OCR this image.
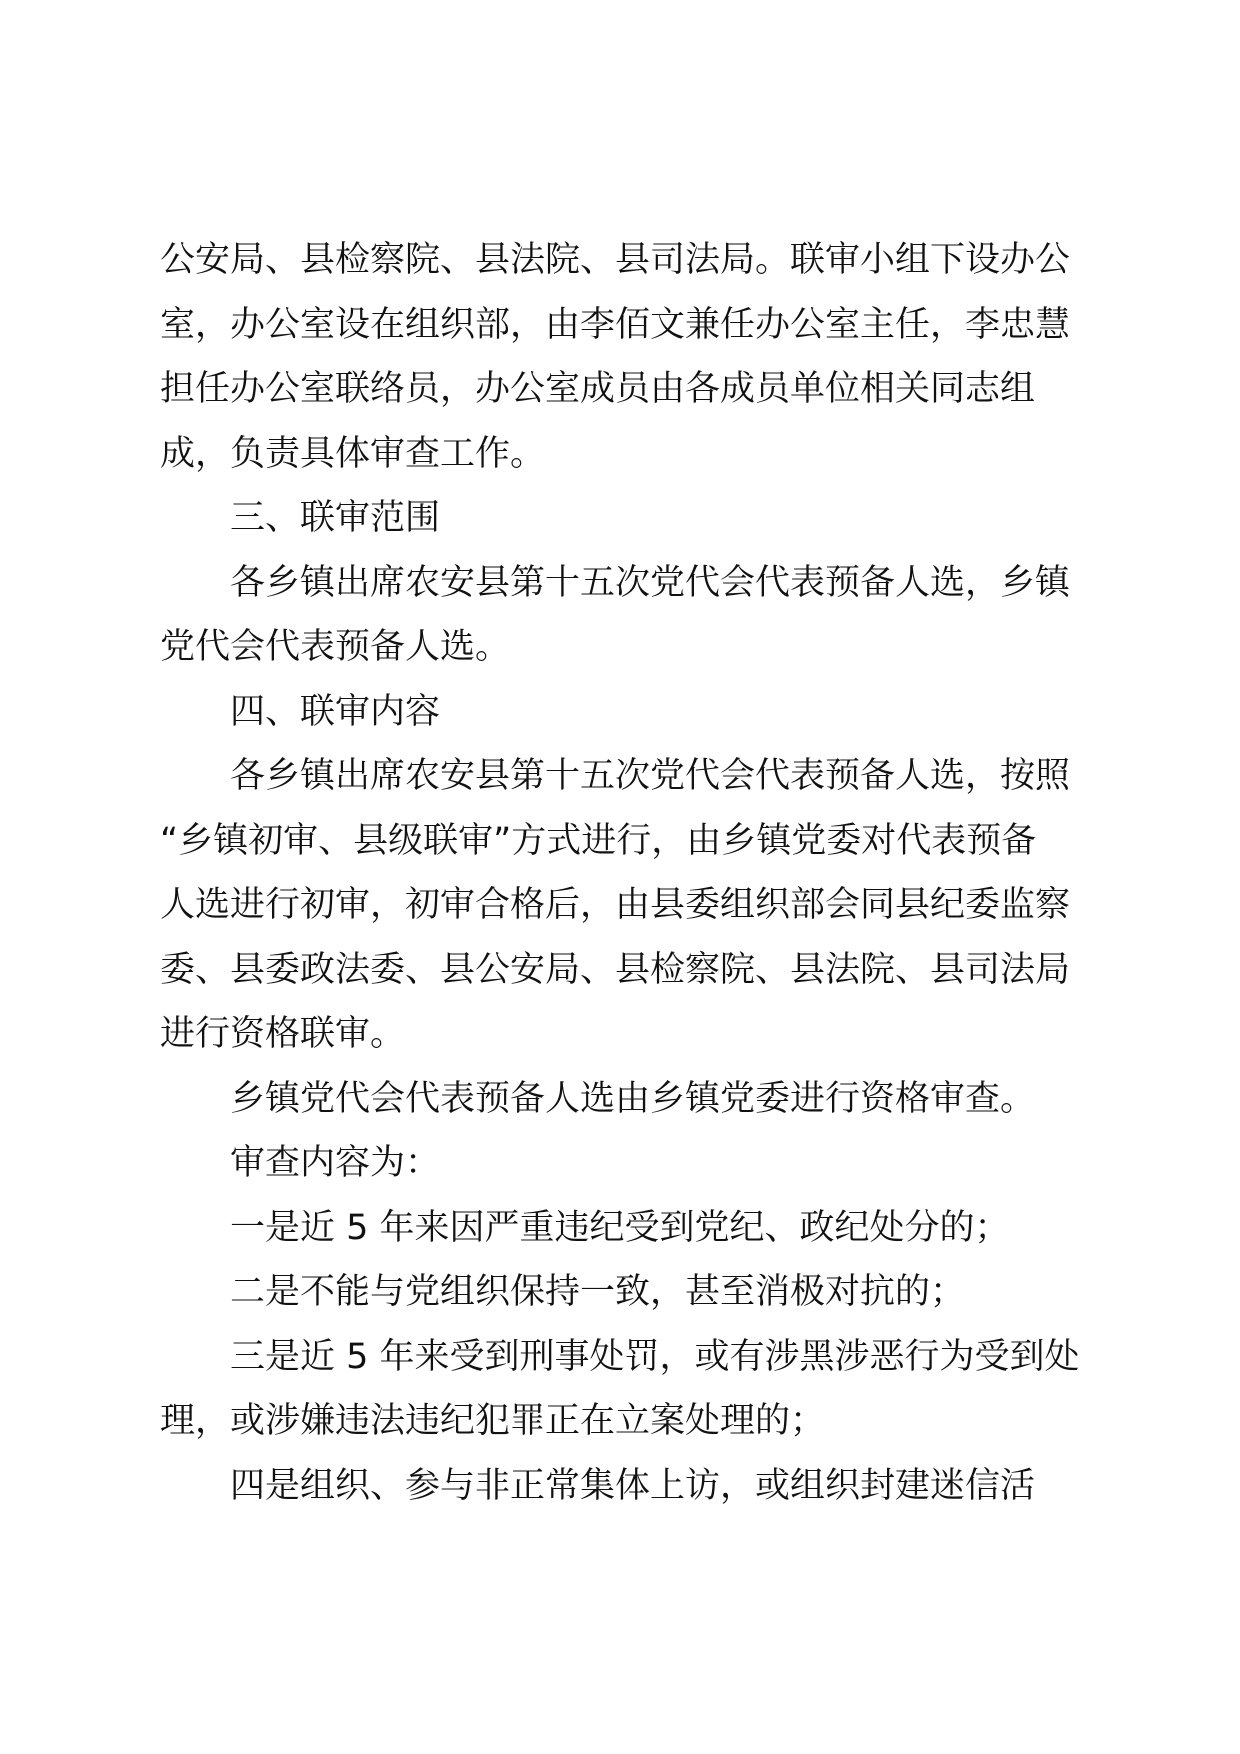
公安局、县检察院、县法院、县司法局。联审小组下设办公
室，办公室设在组织部，由李佰文兼任办公室主任，李忠慧
担任办公室联络员，办公室成员由各成员单位相关同志组
成，负责具体审查工作。
三、联审范围
各乡镇出席农安县第十五次党代会代表预备人选，乡镇
党代会代表预备人选。
四、联审内容
各乡镇出席农安县第十五次党代会代表预备人选，按照
“乡镇初审、县级联审”方式进行，由乡镇党委对代表预备
人选进行初审，初审合格后，由县委组织部会同县纪委监察
委、县委政法委、县公安局、县检察院、县法院、县司法局
进行资格联审。
乡镇党代会代表预备人选由乡镇党委进行资格审查。
审查内容为：
一是近 5 年来因严重违纪受到党纪、政纪处分的；
二是不能与党组织保持一致，甚至消极对抗的；
三是近 5 年来受到刑事处罚，或有涉黑涉恶行为受到处
理，或涉嫌违法违纪犯罪正在立案处理的；
四是组织、参与非正常集体上访，或组织封建迷信活
